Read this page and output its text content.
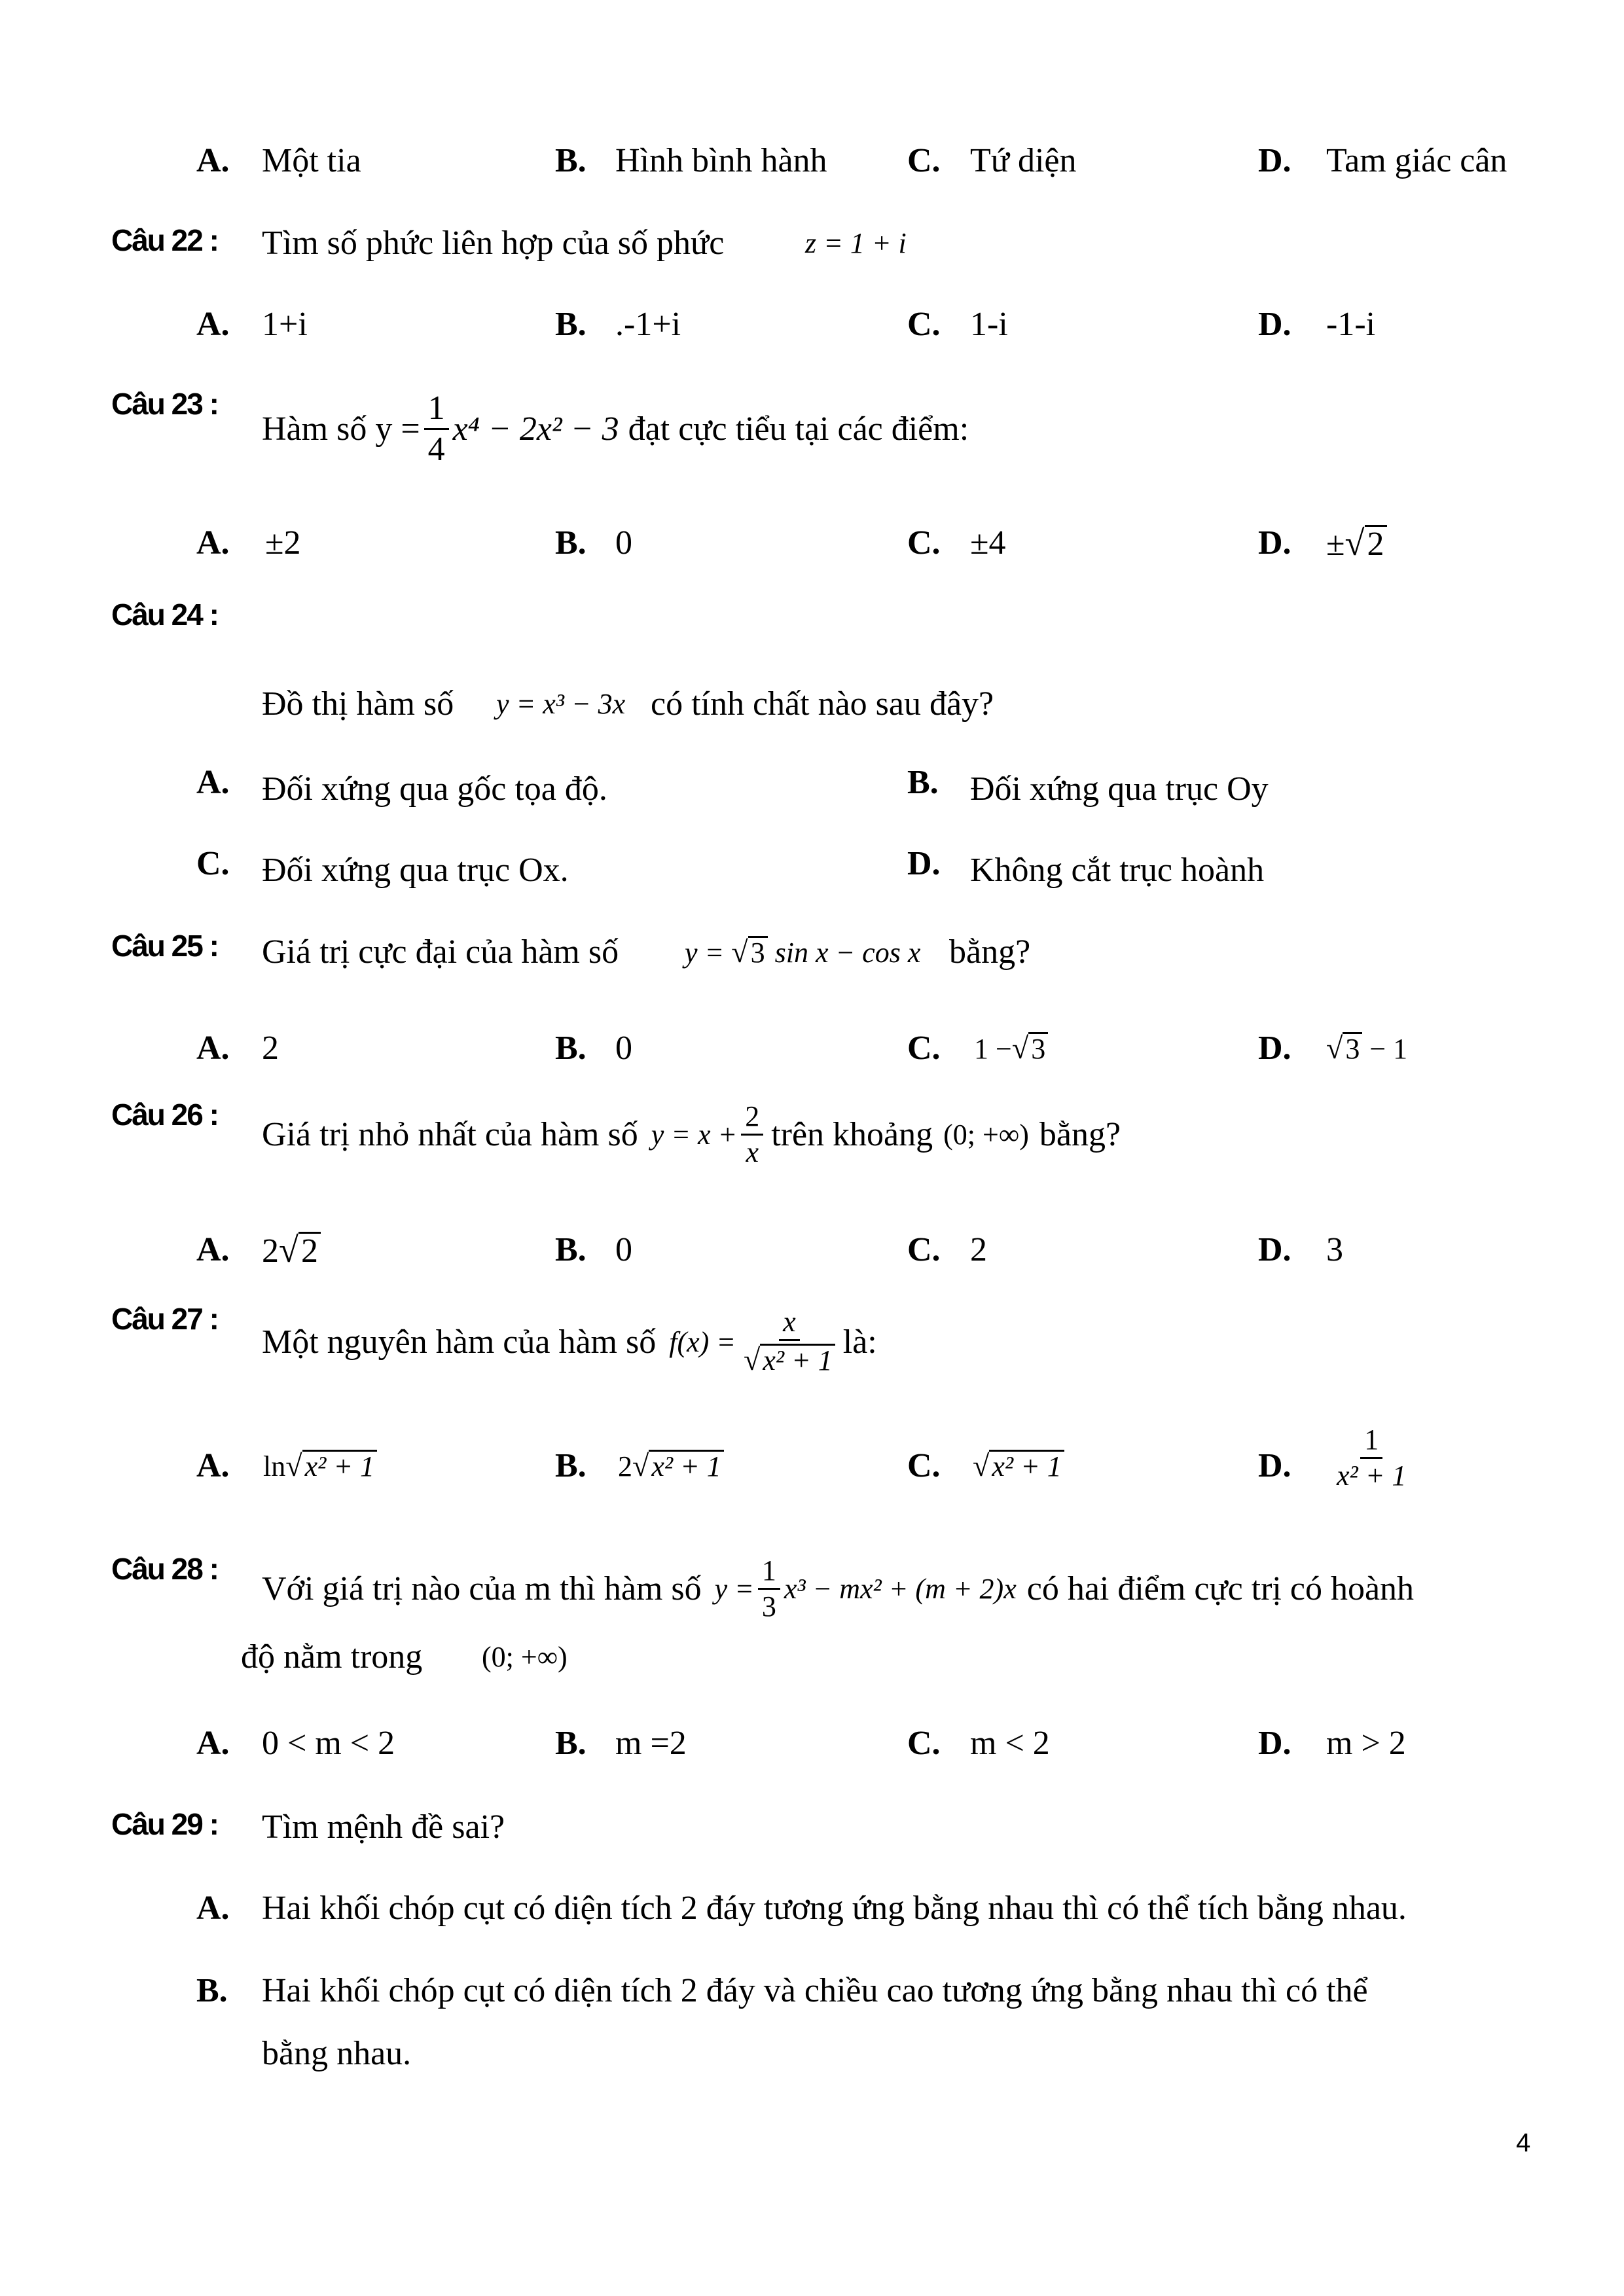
A. Một tia	B. Hình bình hành C. Tứ diện	D. Tam giác cân
Câu 22 : Tìm số phức liên hợp của số phức	z = 1 + i
A. 1+i	B. .-1+i	C. 1-i	D. -1-i
Câu 23 :
Hàm số $y = \frac{1}{4} x^4 - 2x^2 - 3$ đạt cực tiểu tại các điểm:
A. ±2	B. 0	C. ±4	D. ±√2
Câu 24 :
Đồ thị hàm số y = x³ − 3x có tính chất nào sau đây?
A. Đối xứng qua gốc tọa độ.	B. Đối xứng qua trục Oy
C. Đối xứng qua trục Ox.	D. Không cắt trục hoành
Câu 25 : Giá trị cực đại của hàm số y = √3 sin x − cos x bằng?
A. 2	B. 0	C. 1 −√3	D. √3 − 1
Câu 26 :
Giá trị nhỏ nhất của hàm số $y = x + \frac{2}{x}$ trên khoảng (0; +∞) bằng?
A. 2√2	B. 0	C. 2	D. 3
Câu 27 :
Một nguyên hàm của hàm số $f(x) = \frac{x}{\text{√x² + 1}}$ là:
A. ln√x² + 1	B. 2√x² + 1	C. √x² + 1	D. $\frac{1}{\text{x² + 1}}$
Câu 28 :
Với giá trị nào của m thì hàm số $y = \frac{1}{3} x^3 - mx^2 + (m + 2)x$ có hai điểm cực trị có hoành
độ nằm trong (0; +∞)
A. 0 < m < 2	B. m =2	C. m < 2	D. m > 2
Câu 29 : Tìm mệnh đề sai?
A. Hai khối chóp cụt có diện tích 2 đáy tương ứng bằng nhau thì có thể tích bằng nhau.
B. Hai khối chóp cụt có diện tích 2 đáy và chiều cao tương ứng bằng nhau thì có thể
bằng nhau.
4
